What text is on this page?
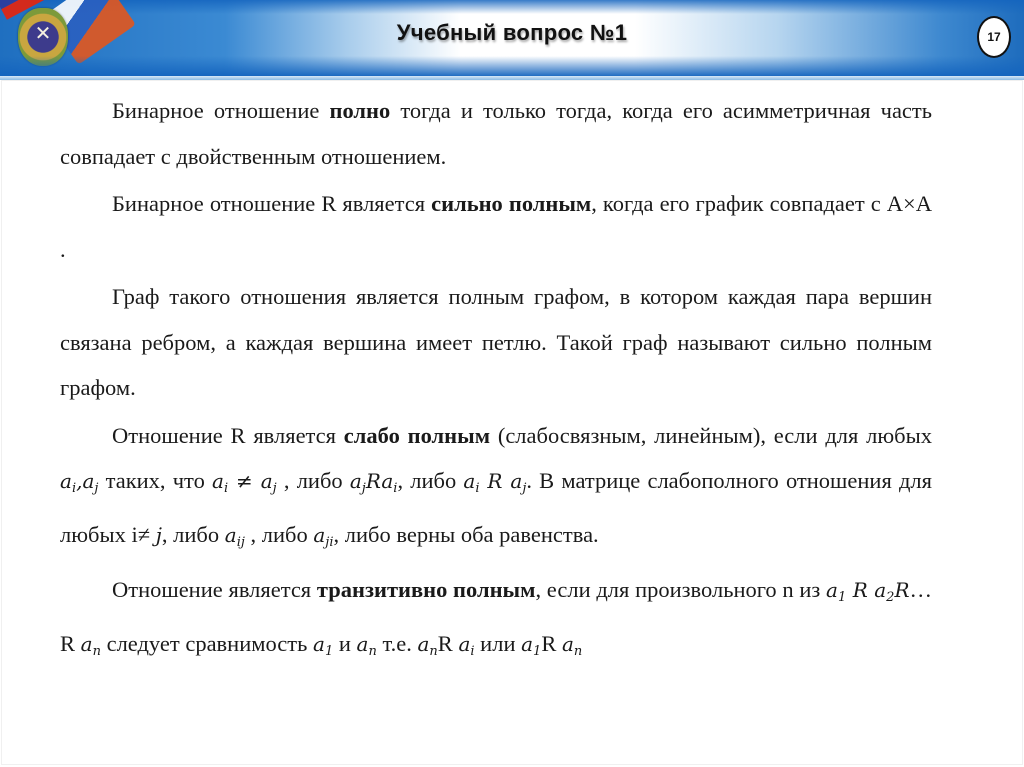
✕	Учебный вопрос №1	17

Бинарное отношение полно тогда и только тогда, когда его асимметричная часть совпадает с двойственным отношением.

Бинарное отношение R является сильно полным, когда его график совпадает с A×A .

Граф такого отношения является полным графом, в котором каждая пара вершин связана ребром, а каждая вершина имеет петлю. Такой граф называют сильно полным графом.

Отношение R является слабо полным (слабосвязным, линейным), если для любых $a_i,a_j$ таких, что $a_i \ne a_j$ , либо $a_jRa_i$, либо $a_i$ R $a_j$. В матрице слабополного отношения для любых i≠ j, либо $a_{ij}$ , либо $a_{ji}$, либо верны оба равенства.

Отношение является транзитивно полным, если для произвольного n из $a_1$ R $a_2R\dots R$ $a_n$ следует сравнимость $a_1$ и $a_n$ т.е. $a_nR$ $a_i$ или $a_1R$ $a_n$
